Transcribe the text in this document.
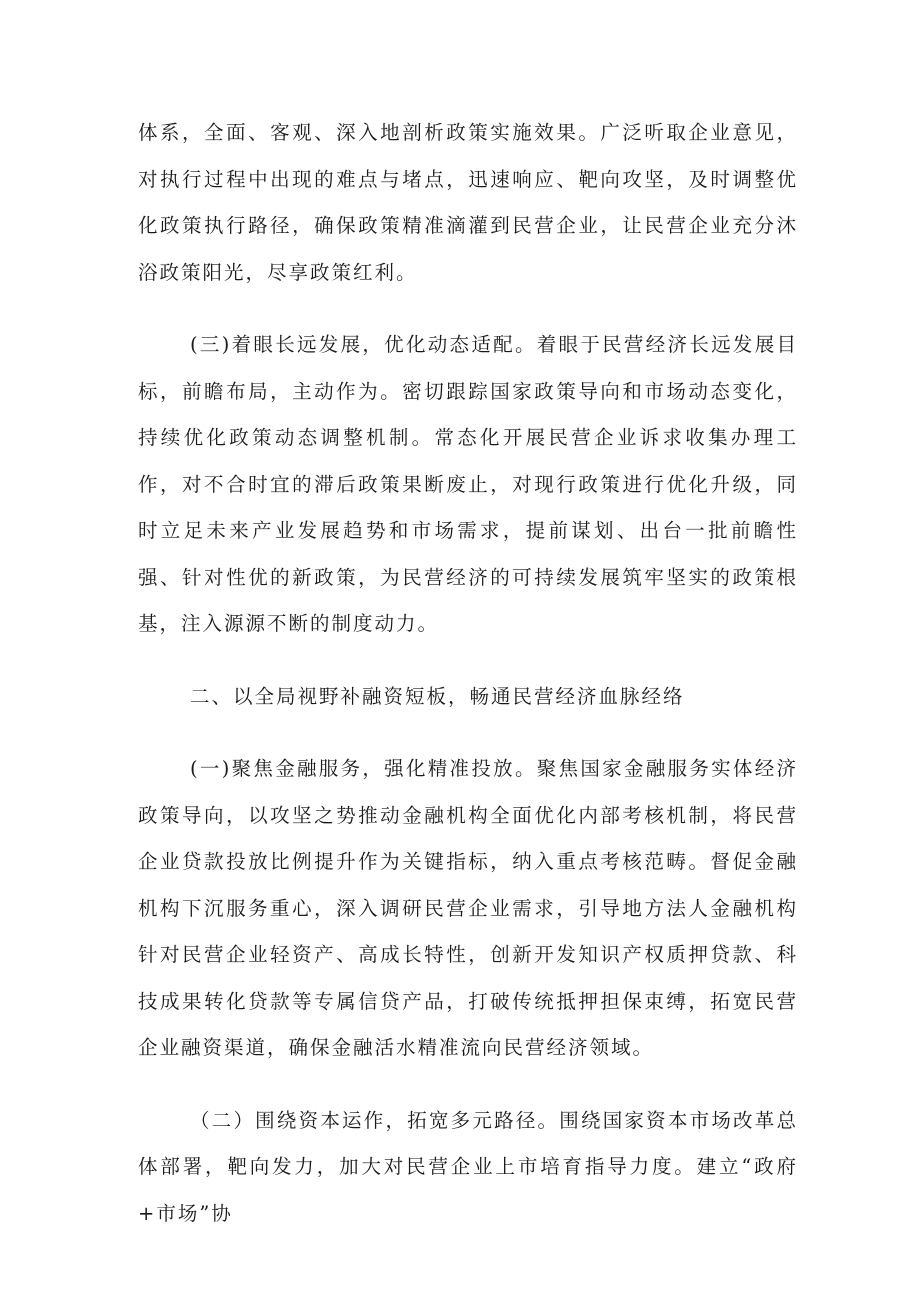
体系，全面、客观、深入地剖析政策实施效果。广泛听取企业意见，对执行过程中出现的难点与堵点，迅速响应、靶向攻坚，及时调整优化政策执行路径，确保政策精准滴灌到民营企业，让民营企业充分沐浴政策阳光，尽享政策红利。

(三)着眼长远发展，优化动态适配。着眼于民营经济长远发展目标，前瞻布局，主动作为。密切跟踪国家政策导向和市场动态变化，持续优化政策动态调整机制。常态化开展民营企业诉求收集办理工作，对不合时宜的滞后政策果断废止，对现行政策进行优化升级，同时立足未来产业发展趋势和市场需求，提前谋划、出台一批前瞻性强、针对性优的新政策，为民营经济的可持续发展筑牢坚实的政策根基，注入源源不断的制度动力。

二、以全局视野补融资短板，畅通民营经济血脉经络

(一)聚焦金融服务，强化精准投放。聚焦国家金融服务实体经济政策导向，以攻坚之势推动金融机构全面优化内部考核机制，将民营企业贷款投放比例提升作为关键指标，纳入重点考核范畴。督促金融机构下沉服务重心，深入调研民营企业需求，引导地方法人金融机构针对民营企业轻资产、高成长特性，创新开发知识产权质押贷款、科技成果转化贷款等专属信贷产品，打破传统抵押担保束缚，拓宽民营企业融资渠道，确保金融活水精准流向民营经济领域。

（二）围绕资本运作，拓宽多元路径。围绕国家资本市场改革总体部署，靶向发力，加大对民营企业上市培育指导力度。建立“政府+市场”协
